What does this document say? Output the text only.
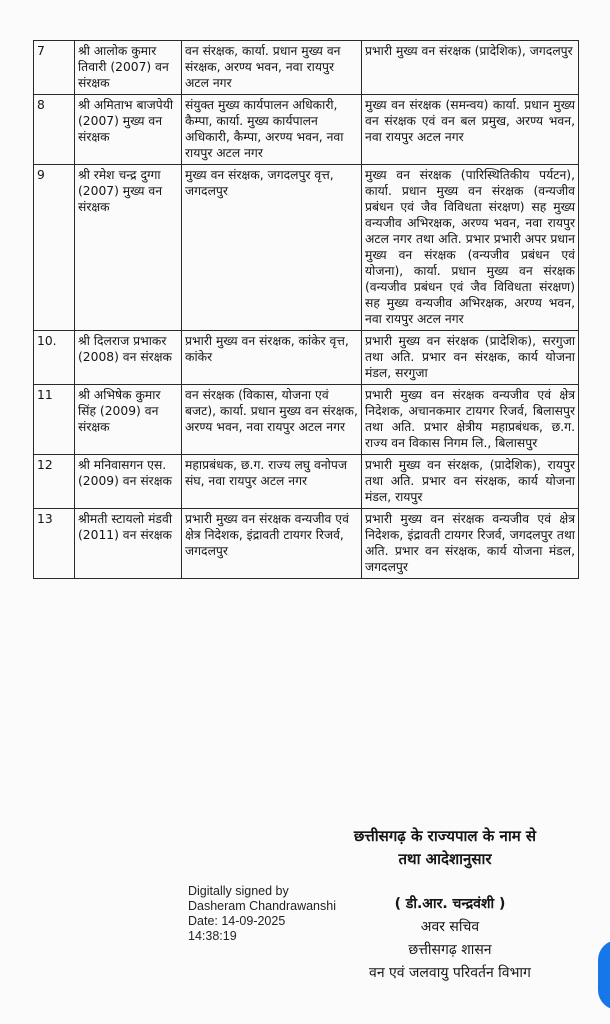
7	श्री आलोक कुमार तिवारी (2007) वन संरक्षक	वन संरक्षक, कार्या. प्रधान मुख्य वन संरक्षक, अरण्य भवन, नवा रायपुर अटल नगर	प्रभारी मुख्य वन संरक्षक (प्रादेशिक), जगदलपुर
8	श्री अमिताभ बाजपेयी (2007) मुख्य वन संरक्षक	संयुक्त मुख्य कार्यपालन अधिकारी, कैम्पा, कार्या. मुख्य कार्यपालन अधिकारी, कैम्पा, अरण्य भवन, नवा रायपुर अटल नगर	मुख्य वन संरक्षक (समन्वय) कार्या. प्रधान मुख्य वन संरक्षक एवं वन बल प्रमुख, अरण्य भवन, नवा रायपुर अटल नगर
9	श्री रमेश चन्द्र दुग्गा (2007) मुख्य वन संरक्षक	मुख्य वन संरक्षक, जगदलपुर वृत्त, जगदलपुर	मुख्य वन संरक्षक (पारिस्थितिकीय पर्यटन), कार्या. प्रधान मुख्य वन संरक्षक (वन्यजीव प्रबंधन एवं जैव विविधता संरक्षण) सह मुख्य वन्यजीव अभिरक्षक, अरण्य भवन, नवा रायपुर अटल नगर तथा अति. प्रभार प्रभारी अपर प्रधान मुख्य वन संरक्षक (वन्यजीव प्रबंधन एवं योजना), कार्या. प्रधान मुख्य वन संरक्षक (वन्यजीव प्रबंधन एवं जैव विविधता संरक्षण) सह मुख्य वन्यजीव अभिरक्षक, अरण्य भवन, नवा रायपुर अटल नगर
10.	श्री दिलराज प्रभाकर (2008) वन संरक्षक	प्रभारी मुख्य वन संरक्षक, कांकेर वृत्त, कांकेर	प्रभारी मुख्य वन संरक्षक (प्रादेशिक), सरगुजा तथा अति. प्रभार वन संरक्षक, कार्य योजना मंडल, सरगुजा
11	श्री अभिषेक कुमार सिंह (2009) वन संरक्षक	वन संरक्षक (विकास, योजना एवं बजट), कार्या. प्रधान मुख्य वन संरक्षक, अरण्य भवन, नवा रायपुर अटल नगर	प्रभारी मुख्य वन संरक्षक वन्यजीव एवं क्षेत्र निदेशक, अचानकमार टायगर रिजर्व, बिलासपुर तथा अति. प्रभार क्षेत्रीय महाप्रबंधक, छ.ग. राज्य वन विकास निगम लि., बिलासपुर
12	श्री मनिवासगन एस. (2009) वन संरक्षक	महाप्रबंधक, छ.ग. राज्य लघु वनोपज संघ, नवा रायपुर अटल नगर	प्रभारी मुख्य वन संरक्षक, (प्रादेशिक), रायपुर तथा अति. प्रभार वन संरक्षक, कार्य योजना मंडल, रायपुर
13	श्रीमती स्टायलो मंडवी (2011) वन संरक्षक	प्रभारी मुख्य वन संरक्षक वन्यजीव एवं क्षेत्र निदेशक, इंद्रावती टायगर रिजर्व, जगदलपुर	प्रभारी मुख्य वन संरक्षक वन्यजीव एवं क्षेत्र निदेशक, इंद्रावती टायगर रिजर्व, जगदलपुर तथा अति. प्रभार वन संरक्षक, कार्य योजना मंडल, जगदलपुर
छत्तीसगढ़ के राज्यपाल के नाम से
तथा आदेशानुसार
Digitally signed by
Dasheram Chandrawanshi
Date: 14-09-2025
14:38:19
( डी.आर. चन्द्रवंशी )
अवर सचिव
छत्तीसगढ़ शासन
वन एवं जलवायु परिवर्तन विभाग
